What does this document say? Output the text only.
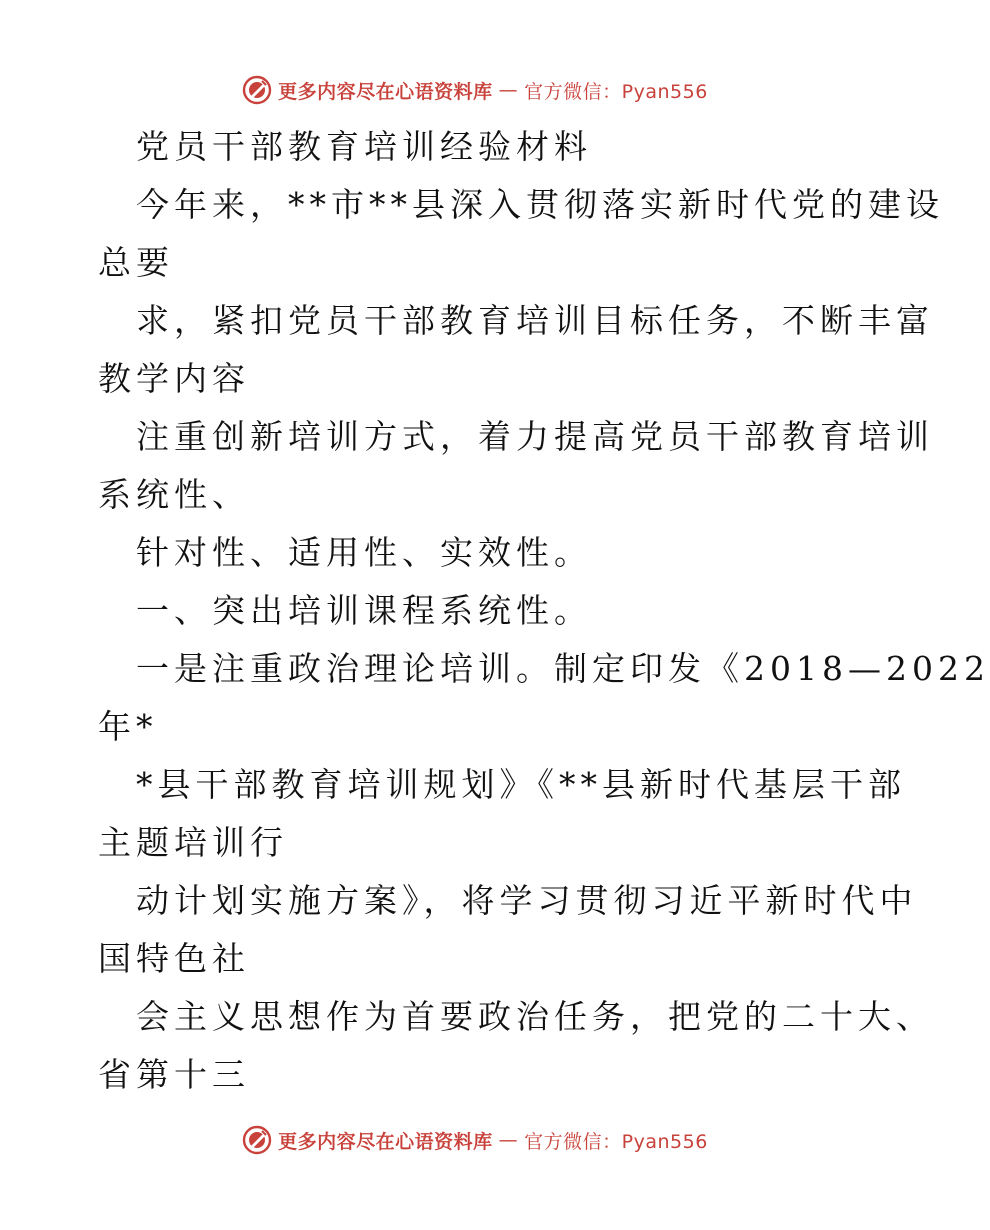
更多内容尽在心语资料库 — 官方微信：Pyan556
党员干部教育培训经验材料
今年来，**市**县深入贯彻落实新时代党的建设
总要
求，紧扣党员干部教育培训目标任务，不断丰富
教学内容
注重创新培训方式，着力提高党员干部教育培训
系统性、
针对性、适用性、实效性。
一、突出培训课程系统性。
一是注重政治理论培训。制定印发《2018—2022
年*
*县干部教育培训规划》《**县新时代基层干部
主题培训行
动计划实施方案》，将学习贯彻习近平新时代中
国特色社
会主义思想作为首要政治任务，把党的二十大、
省第十三
更多内容尽在心语资料库 — 官方微信：Pyan556
